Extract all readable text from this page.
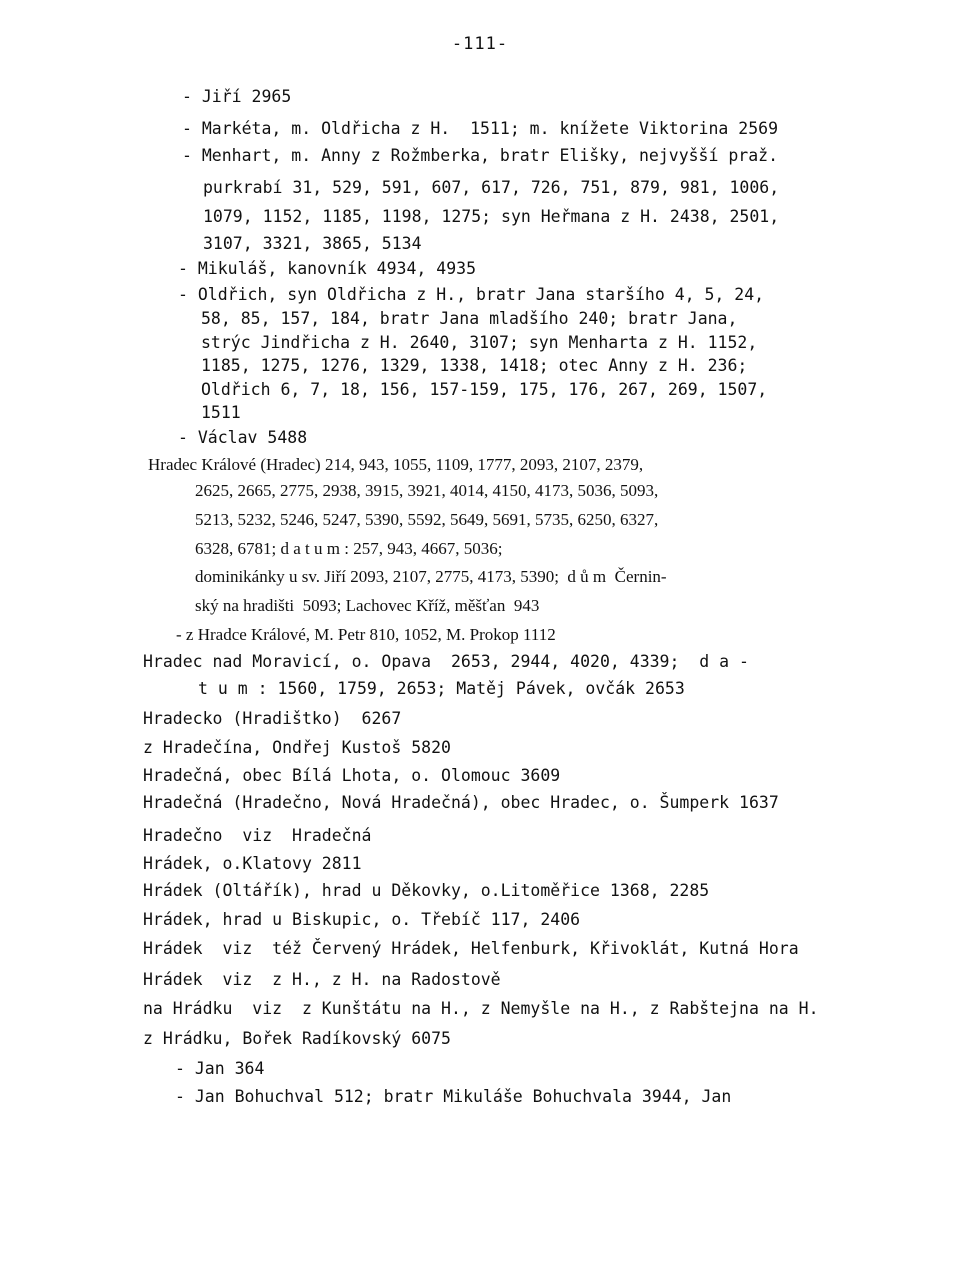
-111-
- Jiří 2965
- Markéta, m. Oldřicha z H.  1511; m. knížete Viktorina 2569
- Menhart, m. Anny z Rožmberka, bratr Elišky, nejvyšší praž.
purkrabí 31, 529, 591, 607, 617, 726, 751, 879, 981, 1006,
1079, 1152, 1185, 1198, 1275; syn Heřmana z H. 2438, 2501,
3107, 3321, 3865, 5134
- Mikuláš, kanovník 4934, 4935
- Oldřich, syn Oldřicha z H., bratr Jana staršího 4, 5, 24,
58, 85, 157, 184, bratr Jana mladšího 240; bratr Jana,
strýc Jindřicha z H. 2640, 3107; syn Menharta z H. 1152,
1185, 1275, 1276, 1329, 1338, 1418; otec Anny z H. 236;
Oldřich 6, 7, 18, 156, 157-159, 175, 176, 267, 269, 1507,
1511
- Václav 5488
Hradec Králové (Hradec) 214, 943, 1055, 1109, 1777, 2093, 2107, 2379,
2625, 2665, 2775, 2938, 3915, 3921, 4014, 4150, 4173, 5036, 5093,
5213, 5232, 5246, 5247, 5390, 5592, 5649, 5691, 5735, 6250, 6327,
6328, 6781; d a t u m : 257, 943, 4667, 5036;
dominikánky u sv. Jiří 2093, 2107, 2775, 4173, 5390;  d ů m  Černin-
ský na hradišti  5093; Lachovec Kříž, měšťan  943
- z Hradce Králové, M. Petr 810, 1052, M. Prokop 1112
Hradec nad Moravicí, o. Opava  2653, 2944, 4020, 4339;  d a -
t u m : 1560, 1759, 2653; Matěj Pávek, ovčák 2653
Hradecko (Hradištko)  6267
z Hradečína, Ondřej Kustoš 5820
Hradečná, obec Bílá Lhota, o. Olomouc 3609
Hradečná (Hradečno, Nová Hradečná), obec Hradec, o. Šumperk 1637
Hradečno  viz  Hradečná
Hrádek, o.Klatovy 2811
Hrádek (Oltářík), hrad u Děkovky, o.Litoměřice 1368, 2285
Hrádek, hrad u Biskupic, o. Třebíč 117, 2406
Hrádek  viz  též Červený Hrádek, Helfenburk, Křivoklát, Kutná Hora
Hrádek  viz  z H., z H. na Radostově
na Hrádku  viz  z Kunštátu na H., z Nemyšle na H., z Rabštejna na H.
z Hrádku, Bořek Radíkovský 6075
- Jan 364
- Jan Bohuchval 512; bratr Mikuláše Bohuchvala 3944, Jan
